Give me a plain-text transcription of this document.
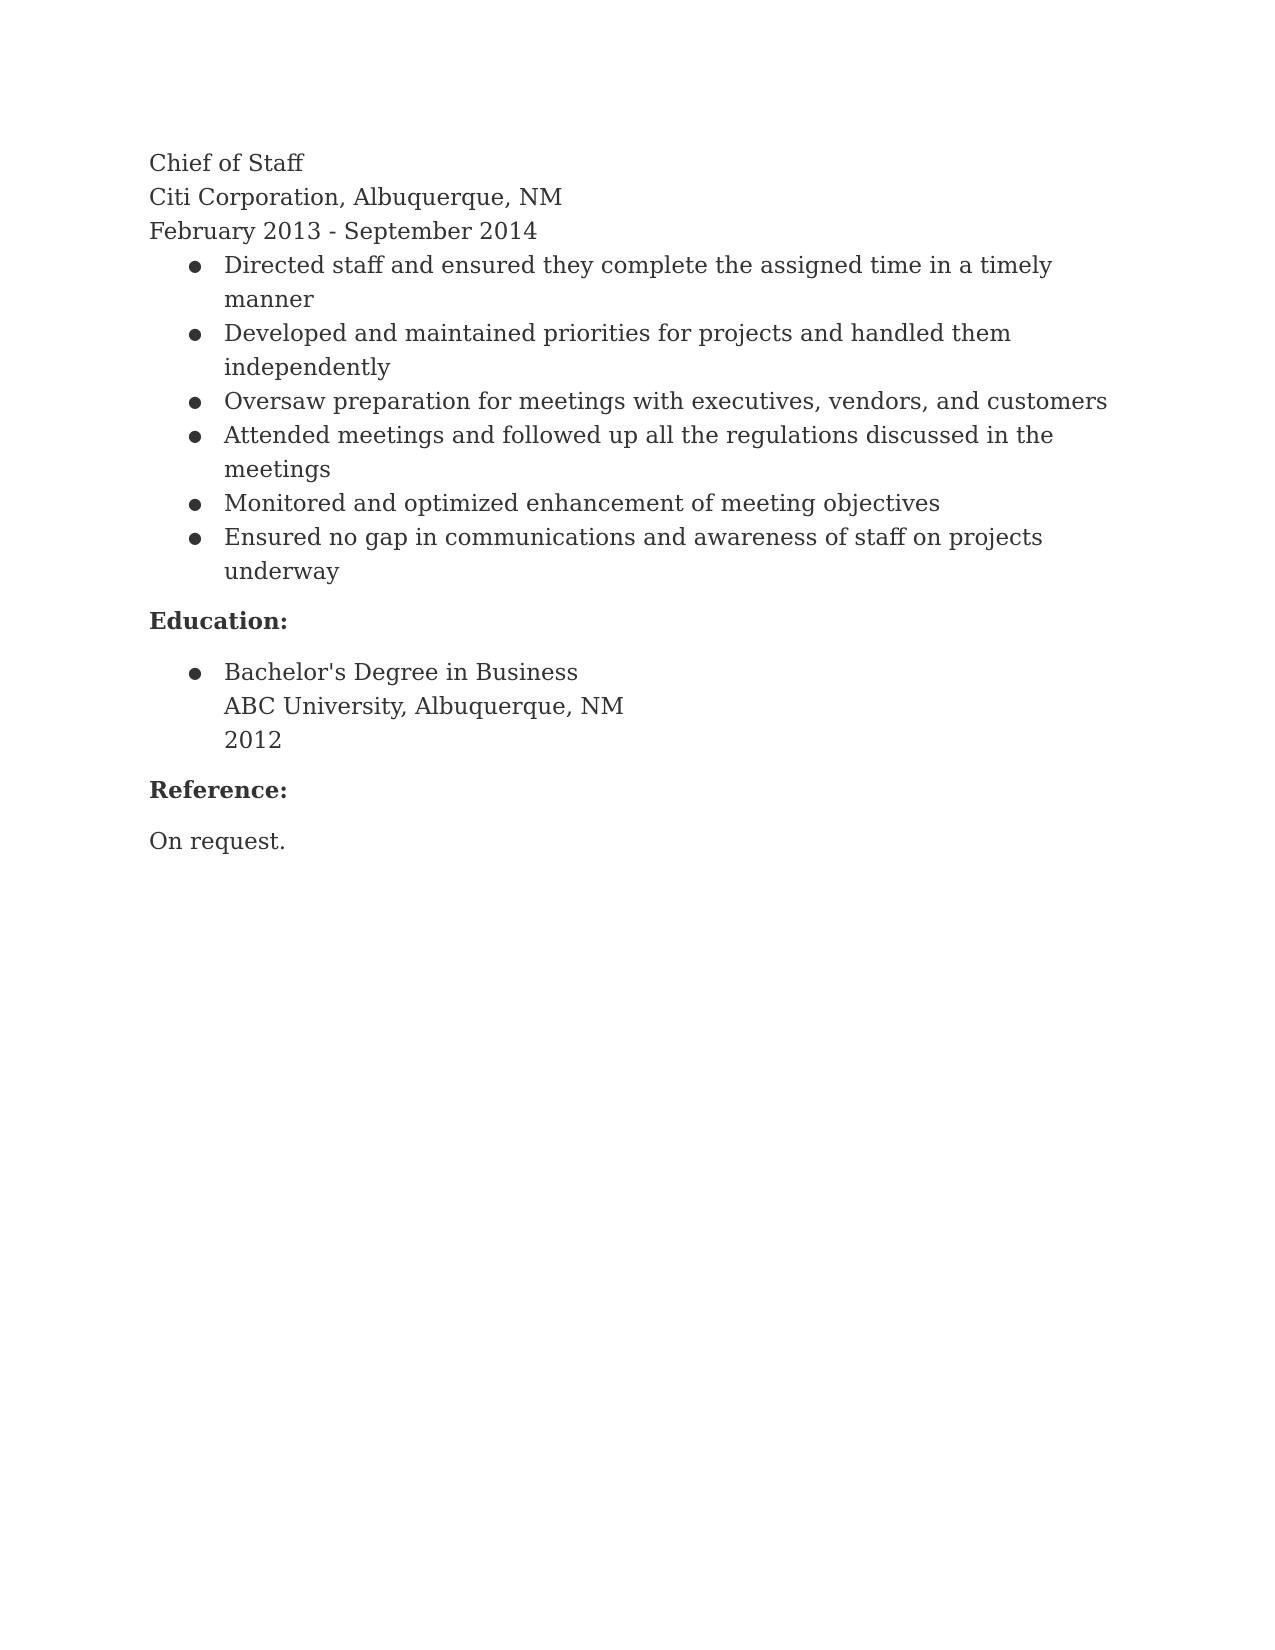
Chief of Staff

Citi Corporation, Albuquerque, NM

February 2013 - September 2014

● Directed staff and ensured they complete the assigned time in a timely manner
● Developed and maintained priorities for projects and handled them independently
● Oversaw preparation for meetings with executives, vendors, and customers
● Attended meetings and followed up all the regulations discussed in the meetings
● Monitored and optimized enhancement of meeting objectives
● Ensured no gap in communications and awareness of staff on projects underway

Education:

● Bachelor's Degree in Business
ABC University, Albuquerque, NM
2012

Reference:

On request.
